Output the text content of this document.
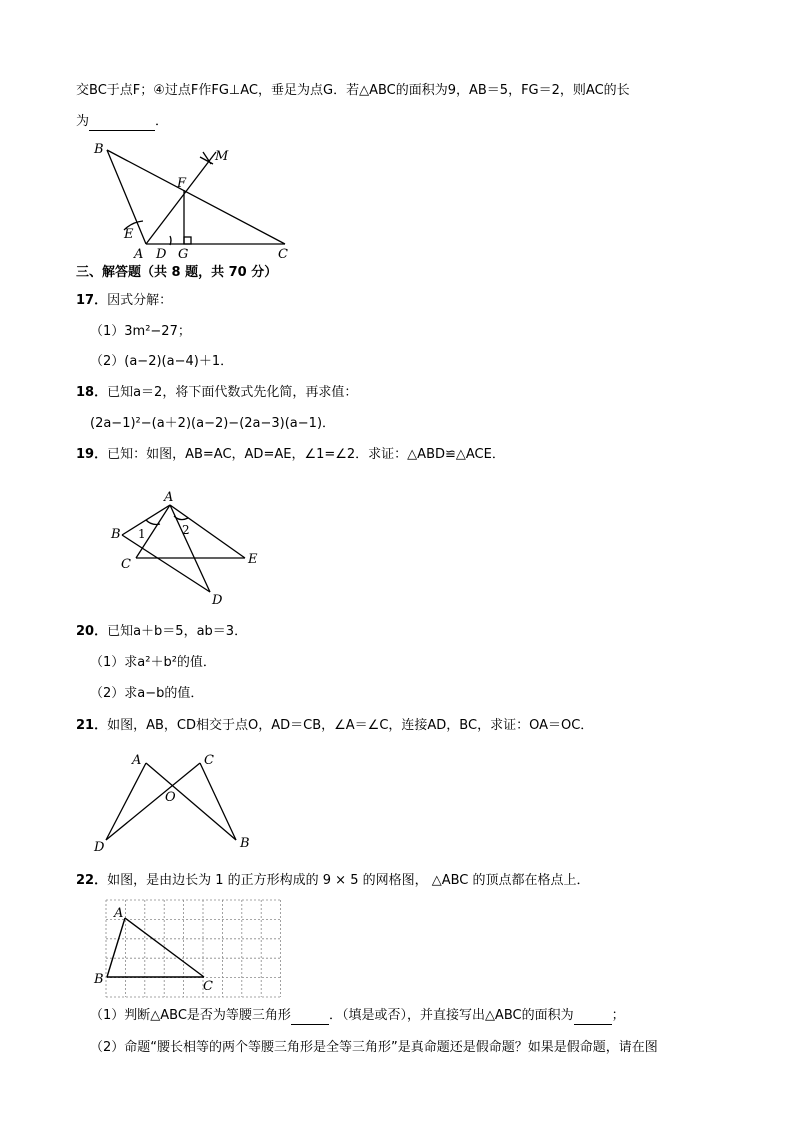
交BC于点F；④过点F作FG⊥AC，垂足为点G．若△ABC的面积为9，AB＝5，FG＝2，则AC的长
为	．
B	M
F
E
A D G	C
三、解答题（共 8 题，共 70 分）
17．因式分解：
（1）3m²−27；
（2）(a−2)(a−4)＋1．
18．已知a＝2，将下面代数式先化简，再求值：
(2a−1)²−(a＋2)(a−2)−(2a−3)(a−1)．
19．已知：如图，AB=AC，AD=AE，∠1=∠2．求证：△ABD≌△ACE．
A
B
C
D
E
1	2
20．已知a＋b＝5，ab＝3．
（1）求a²＋b²的值．
（2）求a−b的值．
21．如图，AB，CD相交于点O，AD＝CB，∠A＝∠C，连接AD，BC，求证：OA＝OC．
A	C
O
D	B
22．如图，是由边长为 1 的正方形构成的 9 × 5 的网格图， △ABC 的顶点都在格点上．
A
B	C
（1）判断△ABC是否为等腰三角形	．（填是或否），并直接写出△ABC的面积为	；
（2）命题“腰长相等的两个等腰三角形是全等三角形”是真命题还是假命题？如果是假命题，请在图
